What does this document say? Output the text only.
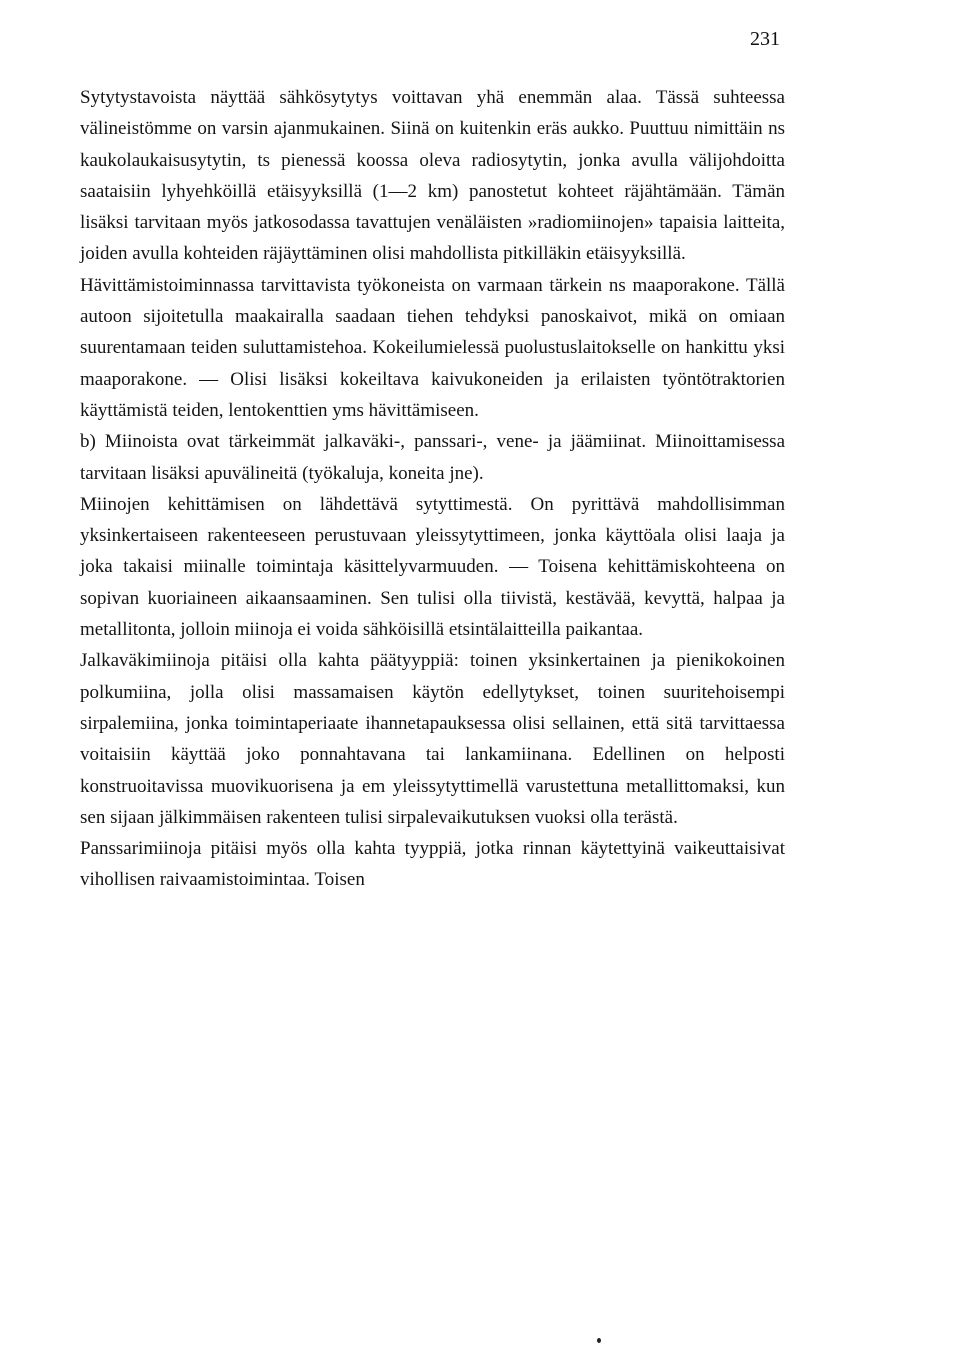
231

Sytytystavoista näyttää sähkösytytys voittavan yhä enemmän alaa. Tässä suhteessa välineistömme on varsin ajanmukainen. Siinä on kuitenkin eräs aukko. Puuttuu nimittäin ns kaukolaukaisusytytin, ts pienessä koossa oleva radiosytytin, jonka avulla välijohdoitta saataisiin lyhyehköillä etäisyyksillä (1—2 km) panostetut kohteet räjähtämään. Tämän lisäksi tarvitaan myös jatkosodassa tavattujen venäläisten »radiomiinojen» tapaisia laitteita, joiden avulla kohteiden räjäyttäminen olisi mahdollista pitkilläkin etäisyyksillä.

Hävittämistoiminnassa tarvittavista työkoneista on varmaan tärkein ns maaporakone. Tällä autoon sijoitetulla maakairalla saadaan tiehen tehdyksi panoskaivot, mikä on omiaan suurentamaan teiden suluttamistehoa. Kokeilumielessä puolustuslaitokselle on hankittu yksi maaporakone. — Olisi lisäksi kokeiltava kaivukoneiden ja erilaisten työntötraktorien käyttämistä teiden, lentokenttien yms hävittämiseen.

b) Miinoista ovat tärkeimmät jalkaväki-, panssari-, vene- ja jäämiinat. Miinoittamisessa tarvitaan lisäksi apuvälineitä (työkaluja, koneita jne).

Miinojen kehittämisen on lähdettävä sytyttimestä. On pyrittävä mahdollisimman yksinkertaiseen rakenteeseen perustuvaan yleissytyttimeen, jonka käyttöala olisi laaja ja joka takaisi miinalle toimintaja käsittelyvarmuuden. — Toisena kehittämiskohteena on sopivan kuoriaineen aikaansaaminen. Sen tulisi olla tiivistä, kestävää, kevyttä, halpaa ja metallitonta, jolloin miinoja ei voida sähköisillä etsintälaitteilla paikantaa.

Jalkaväkimiinoja pitäisi olla kahta päätyyppiä: toinen yksinkertainen ja pienikokoinen polkumiina, jolla olisi massamaisen käytön edellytykset, toinen suuritehoisempi sirpalemiina, jonka toimintaperiaate ihannetapauksessa olisi sellainen, että sitä tarvittaessa voitaisiin käyttää joko ponnahtavana tai lankamiinana. Edellinen on helposti konstruoitavissa muovikuorisena ja em yleissytyttimellä varustettuna metallittomaksi, kun sen sijaan jälkimmäisen rakenteen tulisi sirpalevaikutuksen vuoksi olla terästä.

Panssarimiinoja pitäisi myös olla kahta tyyppiä, jotka rinnan käytettyinä vaikeuttaisivat vihollisen raivaamistoimintaa. Toisen
